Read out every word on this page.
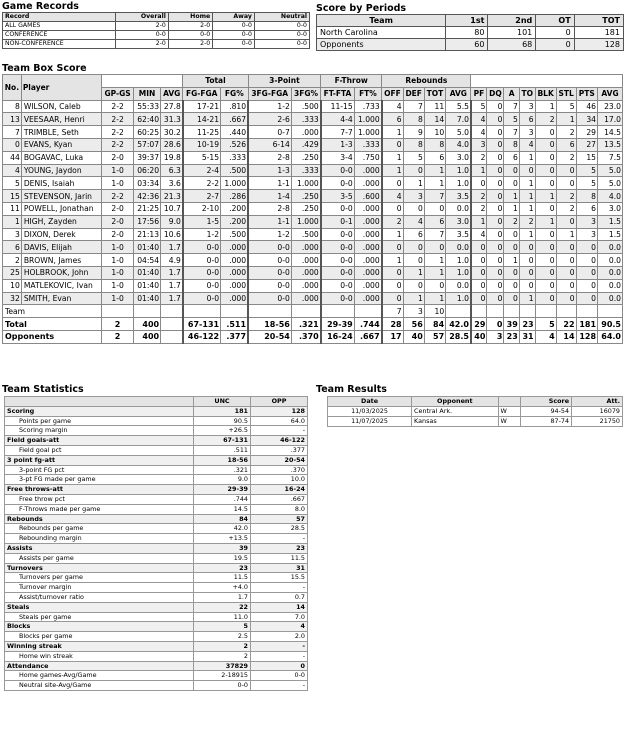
Game Records
Record	Overall	Home	Away	Neutral
ALL GAMES	2-0	2-0	0-0	0-0
CONFERENCE	0-0	0-0	0-0	0-0
NON-CONFERENCE	2-0	2-0	0-0	0-0
Score by Periods
Team	1st	2nd	OT	TOT
North Carolina	80	101	0	181
Opponents	60	68	0	128
Team Box Score
No.	Player				Total		3-Point		F-Throw		Rebounds											
		GP-GS	MIN	AVG	FG-FGA	FG%	3FG-FGA	3FG%	FT-FTA	FT%	OFF	DEF	TOT	AVG	PF	DQ	A	TO	BLK	STL	PTS	AVG
8	WILSON, Caleb	2-2	55:33	27.8	17-21	.810	1-2	.500	11-15	.733	4	7	11	5.5	5	0	7	3	1	5	46	23.0
13	VEESAAR, Henri	2-2	62:40	31.3	14-21	.667	2-6	.333	4-4	1.000	6	8	14	7.0	4	0	5	6	2	1	34	17.0
7	TRIMBLE, Seth	2-2	60:25	30.2	11-25	.440	0-7	.000	7-7	1.000	1	9	10	5.0	4	0	7	3	0	2	29	14.5
0	EVANS, Kyan	2-2	57:07	28.6	10-19	.526	6-14	.429	1-3	.333	0	8	8	4.0	3	0	8	4	0	6	27	13.5
44	BOGAVAC, Luka	2-0	39:37	19.8	5-15	.333	2-8	.250	3-4	.750	1	5	6	3.0	2	0	6	1	0	2	15	7.5
4	YOUNG, Jaydon	1-0	06:20	6.3	2-4	.500	1-3	.333	0-0	.000	1	0	1	1.0	1	0	0	0	0	0	5	5.0
5	DENIS, Isaiah	1-0	03:34	3.6	2-2	1.000	1-1	1.000	0-0	.000	0	1	1	1.0	0	0	0	1	0	0	5	5.0
15	STEVENSON, Jarin	2-2	42:36	21.3	2-7	.286	1-4	.250	3-5	.600	4	3	7	3.5	2	0	1	1	1	2	8	4.0
11	POWELL, Jonathan	2-0	21:25	10.7	2-10	.200	2-8	.250	0-0	.000	0	0	0	0.0	2	0	1	1	0	2	6	3.0
1	HIGH, Zayden	2-0	17:56	9.0	1-5	.200	1-1	1.000	0-1	.000	2	4	6	3.0	1	0	2	2	1	0	3	1.5
3	DIXON, Derek	2-0	21:13	10.6	1-2	.500	1-2	.500	0-0	.000	1	6	7	3.5	4	0	0	1	0	1	3	1.5
6	DAVIS, Elijah	1-0	01:40	1.7	0-0	.000	0-0	.000	0-0	.000	0	0	0	0.0	0	0	0	0	0	0	0	0.0
2	BROWN, James	1-0	04:54	4.9	0-0	.000	0-0	.000	0-0	.000	1	0	1	1.0	0	0	1	0	0	0	0	0.0
25	HOLBROOK, John	1-0	01:40	1.7	0-0	.000	0-0	.000	0-0	.000	0	1	1	1.0	0	0	0	0	0	0	0	0.0
10	MATLEKOVIC, Ivan	1-0	01:40	1.7	0-0	.000	0-0	.000	0-0	.000	0	0	0	0.0	0	0	0	0	0	0	0	0.0
32	SMITH, Evan	1-0	01:40	1.7	0-0	.000	0-0	.000	0-0	.000	0	1	1	1.0	0	0	0	1	0	0	0	0.0
Team											7	3	10									
Total		2	400		67-131	.511	18-56	.321	29-39	.744	28	56	84	42.0	29	0	39	23	5	22	181	90.5
Opponents		2	400		46-122	.377	20-54	.370	16-24	.667	17	40	57	28.5	40	3	23	31	4	14	128	64.0
Team Statistics
	UNC	OPP
Scoring	181	128
Points per game	90.5	64.0
Scoring margin	+26.5	-
Field goals-att	67-131	46-122
Field goal pct	.511	.377
3 point fg-att	18-56	20-54
3-point FG pct	.321	.370
3-pt FG made per game	9.0	10.0
Free throws-att	29-39	16-24
Free throw pct	.744	.667
F-Throws made per game	14.5	8.0
Rebounds	84	57
Rebounds per game	42.0	28.5
Rebounding margin	+13.5	-
Assists	39	23
Assists per game	19.5	11.5
Turnovers	23	31
Turnovers per game	11.5	15.5
Turnover margin	+4.0	-
Assist/turnover ratio	1.7	0.7
Steals	22	14
Steals per game	11.0	7.0
Blocks	5	4
Blocks per game	2.5	2.0
Winning streak	2	-
Home win streak	2	-
Attendance	37829	0
Home games-Avg/Game	2-18915	0-0
Neutral site-Avg/Game	0-0	-
Team Results
Date	Opponent		Score	Att.
11/03/2025	Central Ark.	W	94-54	16079
11/07/2025	Kansas	W	87-74	21750
